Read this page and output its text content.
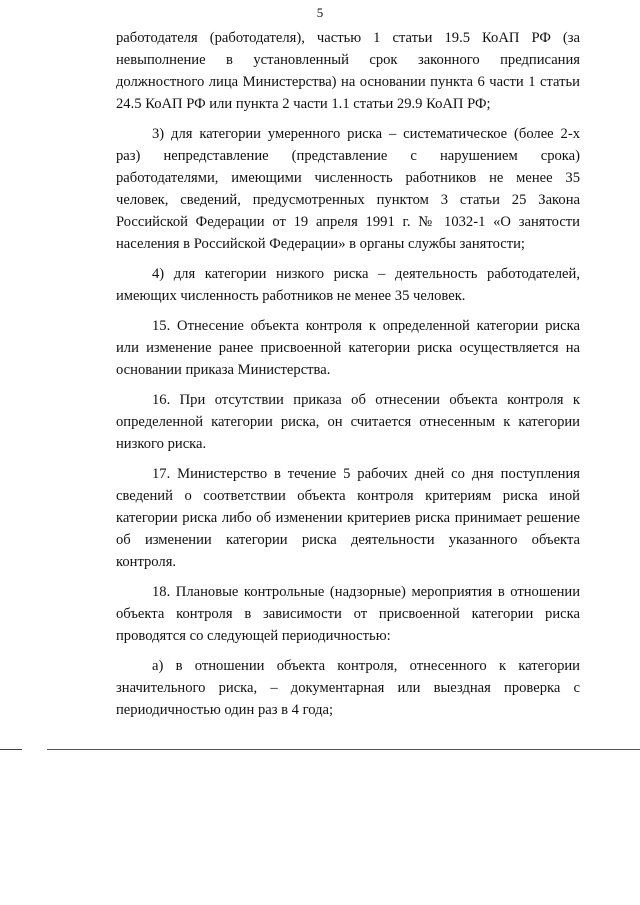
5

работодателя (работодателя), частью 1 статьи 19.5 КоАП РФ (за невыполнение в установленный срок законного предписания должностного лица Министерства) на основании пункта 6 части 1 статьи 24.5 КоАП РФ или пункта 2 части 1.1 статьи 29.9 КоАП РФ;

3) для категории умеренного риска – систематическое (более 2-х раз) непредставление (представление с нарушением срока) работодателями, имеющими численность работников не менее 35 человек, сведений, предусмотренных пунктом 3 статьи 25 Закона Российской Федерации от 19 апреля 1991 г. № 1032-1 «О занятости населения в Российской Федерации» в органы службы занятости;

4) для категории низкого риска – деятельность работодателей, имеющих численность работников не менее 35 человек.

15. Отнесение объекта контроля к определенной категории риска или изменение ранее присвоенной категории риска осуществляется на основании приказа Министерства.

16. При отсутствии приказа об отнесении объекта контроля к определенной категории риска, он считается отнесенным к категории низкого риска.

17. Министерство в течение 5 рабочих дней со дня поступления сведений о соответствии объекта контроля критериям риска иной категории риска либо об изменении критериев риска принимает решение об изменении категории риска деятельности указанного объекта контроля.

18. Плановые контрольные (надзорные) мероприятия в отношении объекта контроля в зависимости от присвоенной категории риска проводятся со следующей периодичностью:

а) в отношении объекта контроля, отнесенного к категории значительного риска, – документарная или выездная проверка с периодичностью один раз в 4 года;
